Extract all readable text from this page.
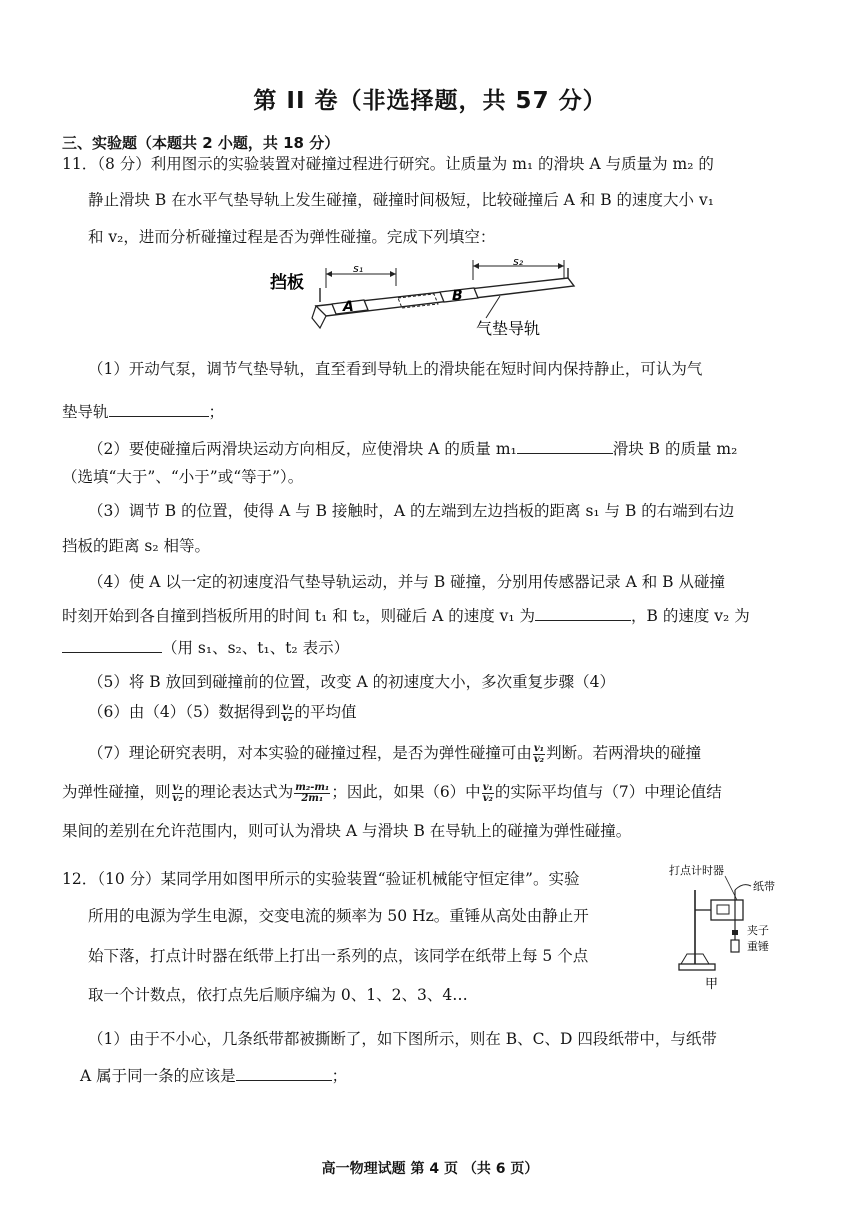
第 II 卷（非选择题，共 57 分）
三、实验题（本题共 2 小题，共 18 分）
11．（8 分）利用图示的实验装置对碰撞过程进行研究。让质量为 m₁ 的滑块 A 与质量为 m₂ 的
静止滑块 B 在水平气垫导轨上发生碰撞，碰撞时间极短，比较碰撞后 A 和 B 的速度大小 v₁
和 v₂，进而分析碰撞过程是否为弹性碰撞。完成下列填空：
挡板
s₁
s₂
A
B
气垫导轨
（1）开动气泵，调节气垫导轨，直至看到导轨上的滑块能在短时间内保持静止，可认为气
垫导轨	；
（2）要使碰撞后两滑块运动方向相反，应使滑块 A 的质量 m₁	滑块 B 的质量 m₂
（选填“大于”、“小于”或“等于”）。
（3）调节 B 的位置，使得 A 与 B 接触时，A 的左端到左边挡板的距离 s₁ 与 B 的右端到右边
挡板的距离 s₂ 相等。
（4）使 A 以一定的初速度沿气垫导轨运动，并与 B 碰撞，分别用传感器记录 A 和 B 从碰撞
时刻开始到各自撞到挡板所用的时间 t₁ 和 t₂，则碰后 A 的速度 v₁ 为	，B 的速度 v₂ 为
（用 s₁、s₂、t₁、t₂ 表示）
（5）将 B 放回到碰撞前的位置，改变 A 的初速度大小，多次重复步骤（4）
（6）由（4）（5）数据得到 $\frac{\text{v₁}}{\text{v₂}}$ 的平均值
（7）理论研究表明，对本实验的碰撞过程，是否为弹性碰撞可由 $\frac{\text{v₁}}{\text{v₂}}$ 判断。若两滑块的碰撞
为弹性碰撞，则 $\frac{\text{v₁}}{\text{v₂}}$ 的理论表达式为 $\frac{\text{m₂-m₁}}{\text{2m₁}}$ ；因此，如果（6）中 $\frac{\text{v₁}}{\text{v₂}}$ 的实际平均值与（7）中理论值结
果间的差别在允许范围内，则可认为滑块 A 与滑块 B 在导轨上的碰撞为弹性碰撞。
12．（10 分）某同学用如图甲所示的实验装置“验证机械能守恒定律”。实验
所用的电源为学生电源，交变电流的频率为 50 Hz。重锤从高处由静止开
始下落，打点计时器在纸带上打出一系列的点，该同学在纸带上每 5 个点
取一个计数点，依打点先后顺序编为 0、1、2、3、4…
打点计时器
纸带
夹子
重锤
甲
（1）由于不小心，几条纸带都被撕断了，如下图所示，则在 B、C、D 四段纸带中，与纸带
A 属于同一条的应该是	；
高一物理试题 第 4 页 （共 6 页）
